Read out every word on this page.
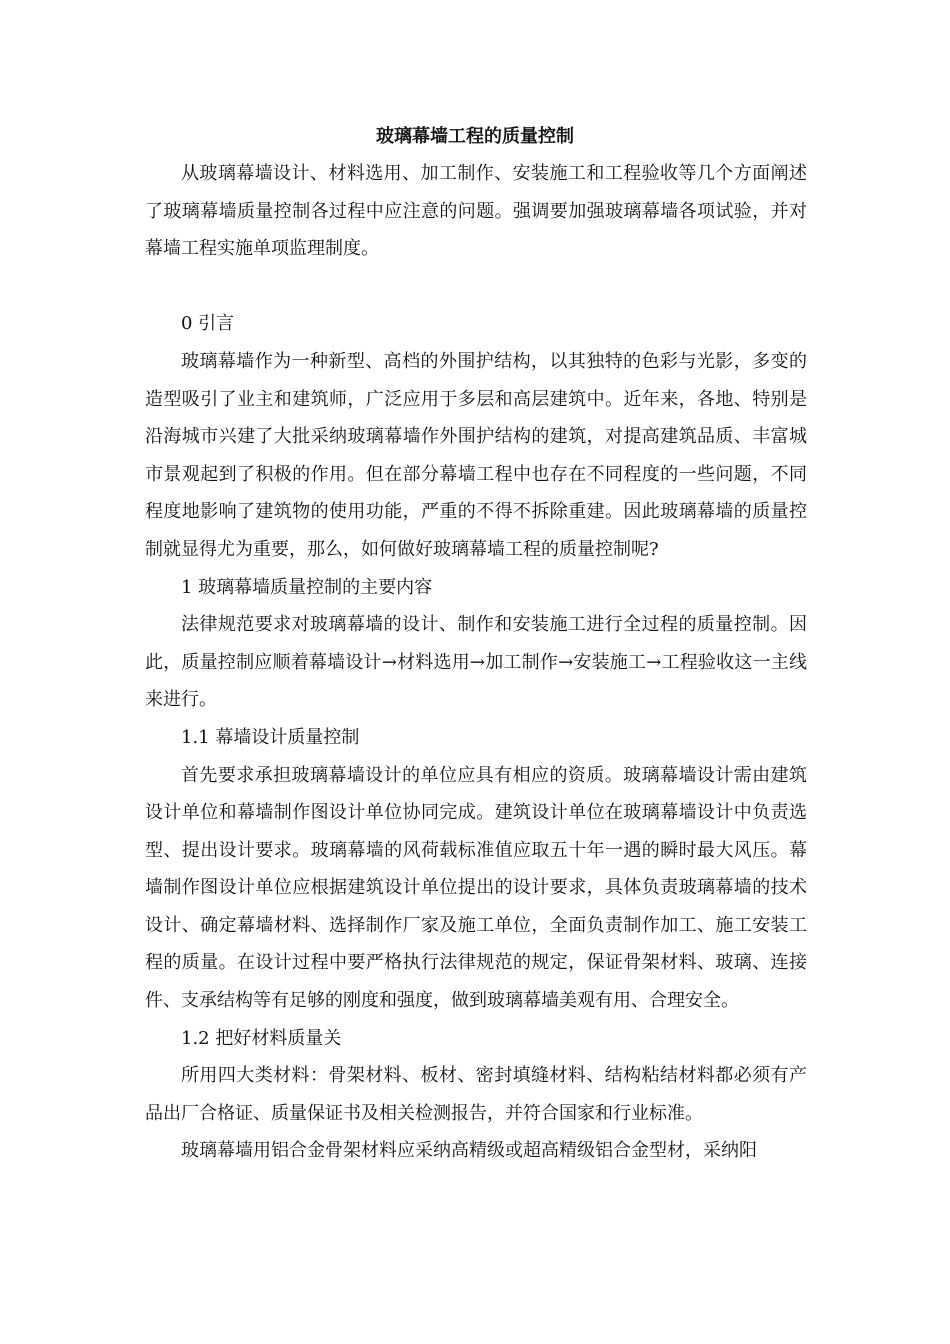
玻璃幕墙工程的质量控制

从玻璃幕墙设计、材料选用、加工制作、安装施工和工程验收等几个方面阐述了玻璃幕墙质量控制各过程中应注意的问题。强调要加强玻璃幕墙各项试验，并对幕墙工程实施单项监理制度。

0 引言

玻璃幕墙作为一种新型、高档的外围护结构，以其独特的色彩与光影，多变的造型吸引了业主和建筑师，广泛应用于多层和高层建筑中。近年来，各地、特别是沿海城市兴建了大批采纳玻璃幕墙作外围护结构的建筑，对提高建筑品质、丰富城市景观起到了积极的作用。但在部分幕墙工程中也存在不同程度的一些问题，不同程度地影响了建筑物的使用功能，严重的不得不拆除重建。因此玻璃幕墙的质量控制就显得尤为重要，那么，如何做好玻璃幕墙工程的质量控制呢?

1 玻璃幕墙质量控制的主要内容

法律规范要求对玻璃幕墙的设计、制作和安装施工进行全过程的质量控制。因此，质量控制应顺着幕墙设计→材料选用→加工制作→安装施工→工程验收这一主线来进行。

1.1 幕墙设计质量控制

首先要求承担玻璃幕墙设计的单位应具有相应的资质。玻璃幕墙设计需由建筑设计单位和幕墙制作图设计单位协同完成。建筑设计单位在玻璃幕墙设计中负责选型、提出设计要求。玻璃幕墙的风荷载标准值应取五十年一遇的瞬时最大风压。幕墙制作图设计单位应根据建筑设计单位提出的设计要求，具体负责玻璃幕墙的技术设计、确定幕墙材料、选择制作厂家及施工单位，全面负责制作加工、施工安装工程的质量。在设计过程中要严格执行法律规范的规定，保证骨架材料、玻璃、连接件、支承结构等有足够的刚度和强度，做到玻璃幕墙美观有用、合理安全。

1.2 把好材料质量关

所用四大类材料：骨架材料、板材、密封填缝材料、结构粘结材料都必须有产品出厂合格证、质量保证书及相关检测报告，并符合国家和行业标准。

玻璃幕墙用铝合金骨架材料应采纳高精级或超高精级铝合金型材，采纳阳
